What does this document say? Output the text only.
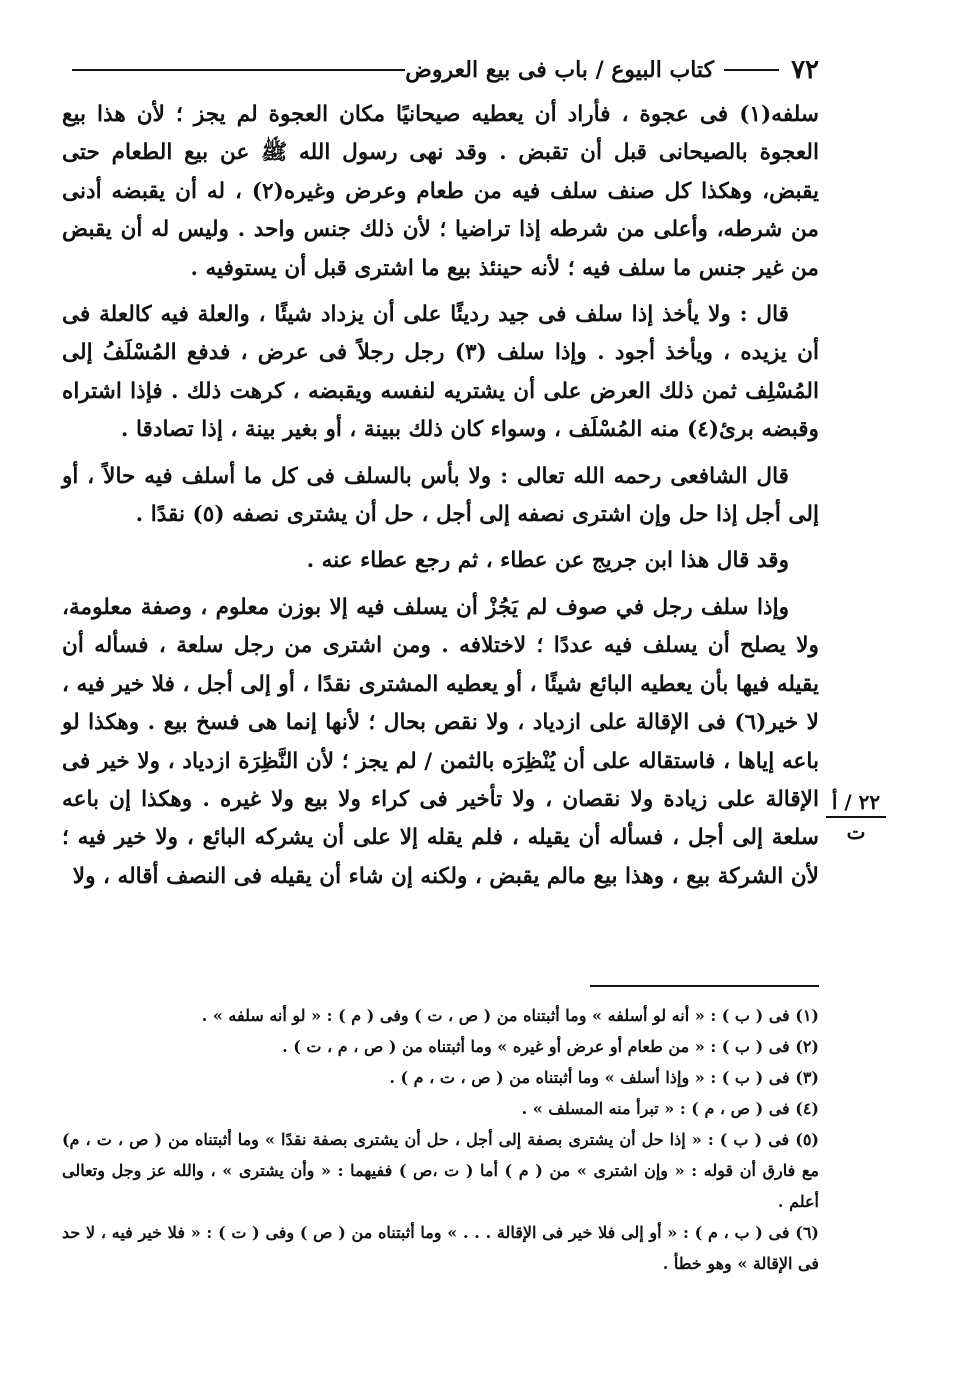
٧٢
كتاب البيوع / باب فى بيع العروض

سلفه(١) فى عجوة ، فأراد أن يعطيه صيحانيًا مكان العجوة لم يجز ؛ لأن هذا بيع العجوة بالصيحانى قبل أن تقبض . وقد نهى رسول الله ﷺ عن بيع الطعام حتى يقبض، وهكذا كل صنف سلف فيه من طعام وعرض وغيره(٢) ، له أن يقبضه أدنى من شرطه، وأعلى من شرطه إذا تراضيا ؛ لأن ذلك جنس واحد . وليس له أن يقبض من غير جنس ما سلف فيه ؛ لأنه حينئذ بيع ما اشترى قبل أن يستوفيه .

قال : ولا يأخذ إذا سلف فى جيد رديئًا على أن يزداد شيئًا ، والعلة فيه كالعلة فى أن يزيده ، ويأخذ أجود . وإذا سلف (٣) رجل رجلاً فى عرض ، فدفع المُسْلَفُ إلى المُسْلِف ثمن ذلك العرض على أن يشتريه لنفسه ويقبضه ، كرهت ذلك . فإذا اشتراه وقبضه برئ(٤) منه المُسْلَف ، وسواء كان ذلك ببينة ، أو بغير بينة ، إذا تصادقا .

قال الشافعى رحمه الله تعالى : ولا بأس بالسلف فى كل ما أسلف فيه حالاً ، أو إلى أجل إذا حل وإن اشترى نصفه إلى أجل ، حل أن يشترى نصفه (٥) نقدًا .

وقد قال هذا ابن جريج عن عطاء ، ثم رجع عطاء عنه .

وإذا سلف رجل في صوف لم يَجُزْ أن يسلف فيه إلا بوزن معلوم ، وصفة معلومة، ولا يصلح أن يسلف فيه عددًا ؛ لاختلافه . ومن اشترى من رجل سلعة ، فسأله أن يقيله فيها بأن يعطيه البائع شيئًا ، أو يعطيه المشترى نقدًا ، أو إلى أجل ، فلا خير فيه ، لا خير(٦) فى الإقالة على ازدياد ، ولا نقص بحال ؛ لأنها إنما هى فسخ بيع . وهكذا لو باعه إياها ، فاستقاله على أن يُنْظِرَه بالثمن / لم يجز ؛ لأن النَّظِرَة ازدياد ، ولا خير فى الإقالة على زيادة ولا نقصان ، ولا تأخير فى كراء ولا بيع ولا غيره . وهكذا إن باعه سلعة إلى أجل ، فسأله أن يقيله ، فلم يقله إلا على أن يشركه البائع ، ولا خير فيه ؛ لأن الشركة بيع ، وهذا بيع مالم يقبض ، ولكنه إن شاء أن يقيله فى النصف أقاله ، ولا

٢٢ / أ
ت

(١) فى ( ب ) : « أنه لو أسلفه » وما أثبتناه من ( ص ، ت ) وفى ( م ) : « لو أنه سلفه » .

(٢) فى ( ب ) : « من طعام أو عرض أو غيره » وما أثبتناه من ( ص ، م ، ت ) .

(٣) فى ( ب ) : « وإذا أسلف » وما أثبتناه من ( ص ، ت ، م ) .

(٤) فى ( ص ، م ) : « تبرأ منه المسلف » .

(٥) فى ( ب ) : « إذا حل أن يشترى بصفة إلى أجل ، حل أن يشترى بصفة نقدًا » وما أثبتناه من ( ص ، ت ، م) مع فارق أن قوله : « وإن اشترى » من ( م ) أما ( ت ،ص ) ففيهما : « وأن يشترى » ، والله عز وجل وتعالى أعلم .

(٦) فى ( ب ، م ) : « أو إلى فلا خير فى الإقالة . . . » وما أثبتناه من ( ص ) وفى ( ت ) : « فلا خير فيه ، لا حد فى الإقالة » وهو خطأ .
